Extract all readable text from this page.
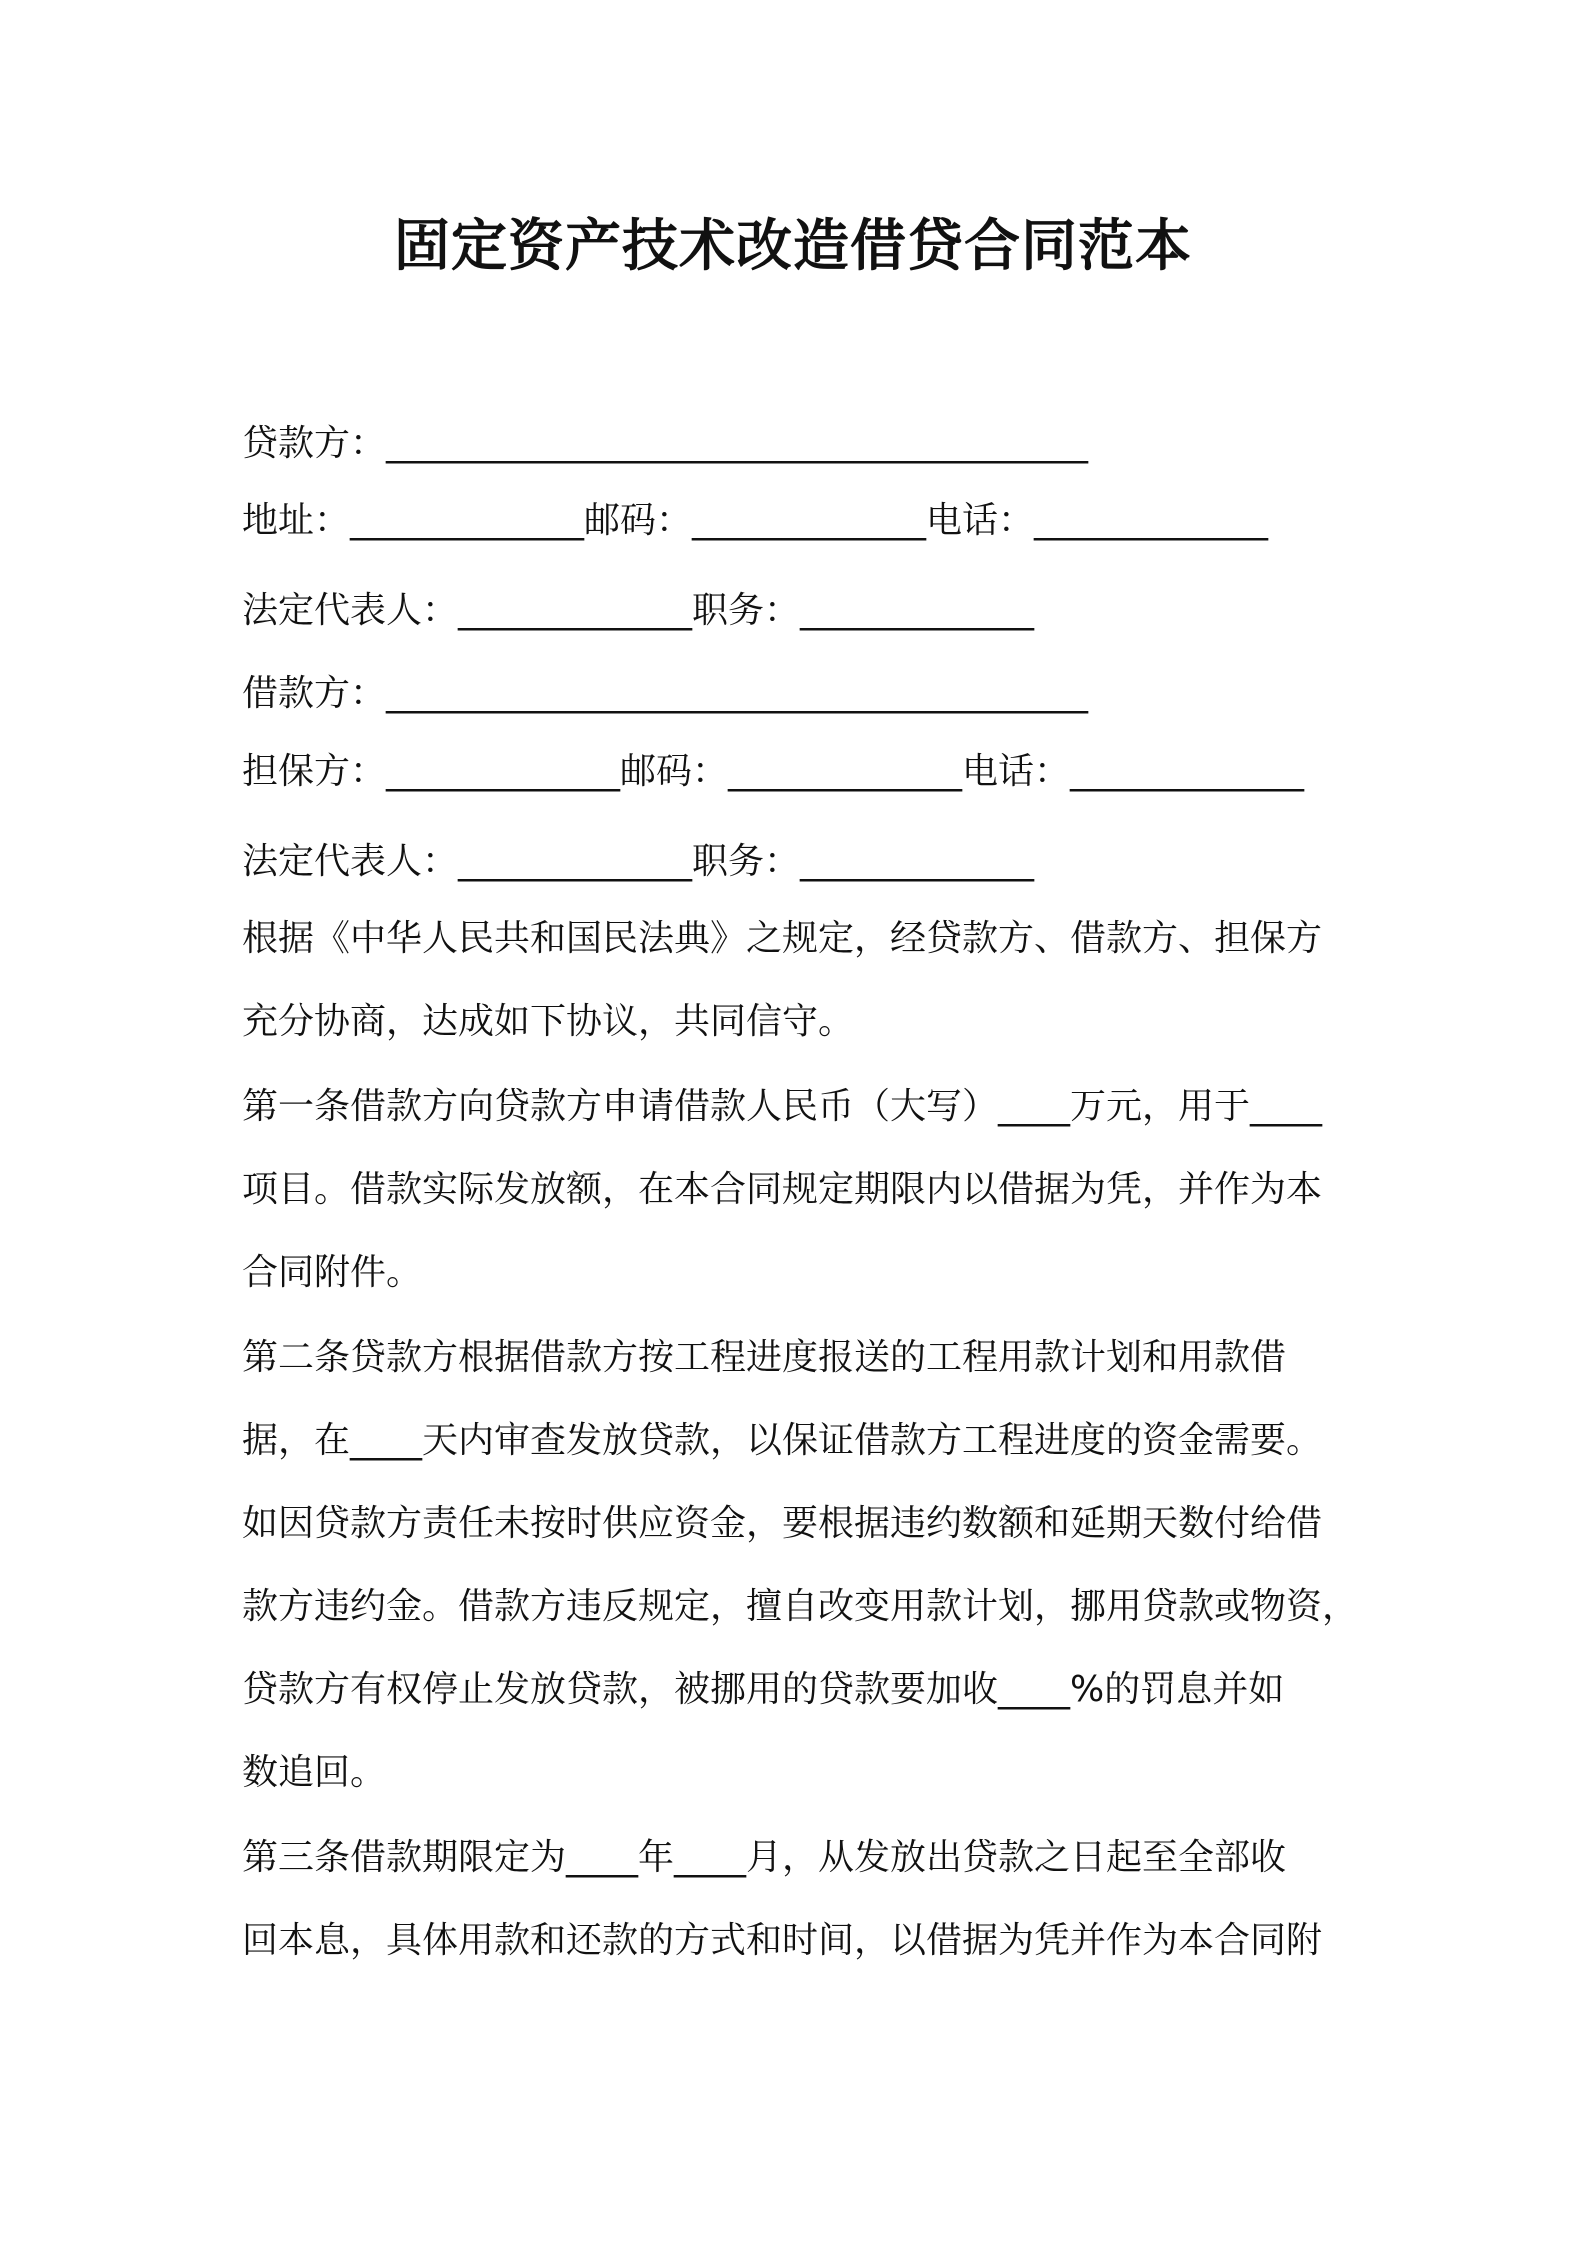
固定资产技术改造借贷合同范本
贷款方：_______________________________________
地址：_____________邮码：_____________电话：_____________
法定代表人：_____________职务：_____________
借款方：_______________________________________
担保方：_____________邮码：_____________电话：_____________
法定代表人：_____________职务：_____________
根据《中华人民共和国民法典》之规定，经贷款方、借款方、担保方
充分协商，达成如下协议，共同信守。
第一条借款方向贷款方申请借款人民币（大写）____万元，用于____
项目。借款实际发放额，在本合同规定期限内以借据为凭，并作为本
合同附件。
第二条贷款方根据借款方按工程进度报送的工程用款计划和用款借
据，在____天内审查发放贷款，以保证借款方工程进度的资金需要。
如因贷款方责任未按时供应资金，要根据违约数额和延期天数付给借
款方违约金。借款方违反规定，擅自改变用款计划，挪用贷款或物资，
贷款方有权停止发放贷款，被挪用的贷款要加收____%的罚息并如
数追回。
第三条借款期限定为____年____月，从发放出贷款之日起至全部收
回本息，具体用款和还款的方式和时间，以借据为凭并作为本合同附
